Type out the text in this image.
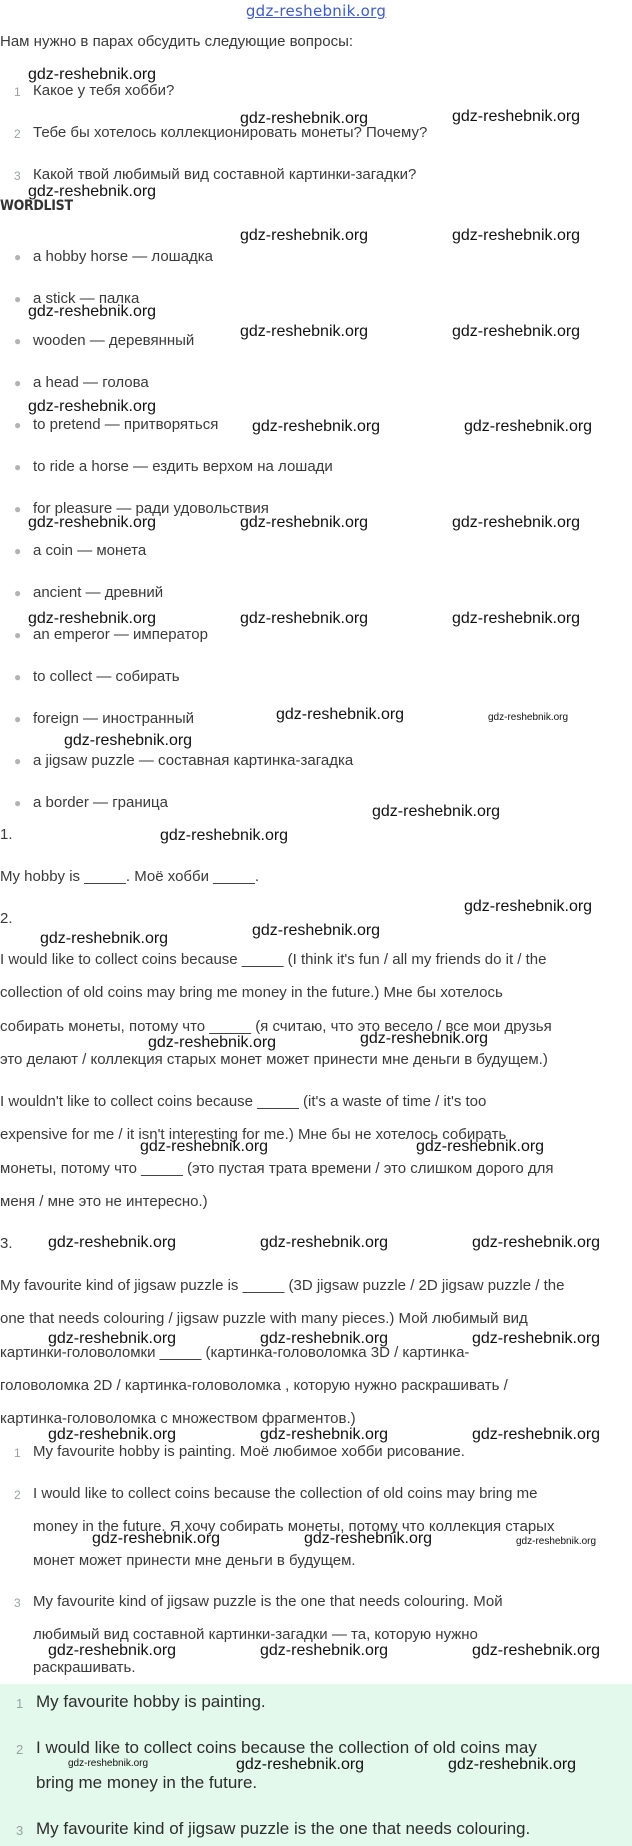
gdz-reshebnik.org
Нам нужно в парах обсудить следующие вопросы:
1 Какое у тебя хобби?
2 Тебе бы хотелось коллекционировать монеты? Почему?
3 Какой твой любимый вид составной картинки-загадки?
WORDLIST
● a hobby horse — лошадка
● a stick — палка
● wooden — деревянный
● a head — голова
● to pretend — притворяться
● to ride a horse — ездить верхом на лошади
● for pleasure — ради удовольствия
● a coin — монета
● ancient — древний
● an emperor — император
● to collect — собирать
● foreign — иностранный
● a jigsaw puzzle — составная картинка-загадка
● a border — граница
1.
My hobby is _____. Моё хобби _____.
2.
I would like to collect coins because _____ (I think it's fun / all my friends do it / the
collection of old coins may bring me money in the future.) Мне бы хотелось
собирать монеты, потому что _____ (я считаю, что это весело / все мои друзья
это делают / коллекция старых монет может принести мне деньги в будущем.)
I wouldn't like to collect coins because _____ (it's a waste of time / it's too
expensive for me / it isn't interesting for me.) Мне бы не хотелось собирать
монеты, потому что _____ (это пустая трата времени / это слишком дорого для
меня / мне это не интересно.)
3.
My favourite kind of jigsaw puzzle is _____ (3D jigsaw puzzle / 2D jigsaw puzzle / the
one that needs colouring / jigsaw puzzle with many pieces.) Мой любимый вид
картинки-головоломки _____ (картинка-головоломка 3D / картинка-
головоломка 2D / картинка-головоломка , которую нужно раскрашивать /
картинка-головоломка с множеством фрагментов.)
1 My favourite hobby is painting. Моё любимое хобби рисование.
2 I would like to collect coins because the collection of old coins may bring me
money in the future. Я хочу собирать монеты, потому что коллекция старых
монет может принести мне деньги в будущем.
3 My favourite kind of jigsaw puzzle is the one that needs colouring. Мой
любимый вид составной картинки-загадки — та, которую нужно
раскрашивать.
1 My favourite hobby is painting.
2 I would like to collect coins because the collection of old coins may
bring me money in the future.
3 My favourite kind of jigsaw puzzle is the one that needs colouring.
gdz-reshebnik.org
gdz-reshebnik.org	gdz-reshebnik.org
gdz-reshebnik.org
gdz-reshebnik.org	gdz-reshebnik.org
gdz-reshebnik.org
gdz-reshebnik.org	gdz-reshebnik.org
gdz-reshebnik.org
gdz-reshebnik.org	gdz-reshebnik.org
gdz-reshebnik.org	gdz-reshebnik.org	gdz-reshebnik.org
gdz-reshebnik.org	gdz-reshebnik.org	gdz-reshebnik.org
gdz-reshebnik.org	gdz-reshebnik.org
gdz-reshebnik.org
gdz-reshebnik.org
gdz-reshebnik.org
gdz-reshebnik.org
gdz-reshebnik.org
gdz-reshebnik.org
gdz-reshebnik.org	gdz-reshebnik.org
gdz-reshebnik.org	gdz-reshebnik.org
gdz-reshebnik.org	gdz-reshebnik.org	gdz-reshebnik.org
gdz-reshebnik.org	gdz-reshebnik.org	gdz-reshebnik.org
gdz-reshebnik.org	gdz-reshebnik.org	gdz-reshebnik.org
gdz-reshebnik.org	gdz-reshebnik.org	gdz-reshebnik.org
gdz-reshebnik.org	gdz-reshebnik.org	gdz-reshebnik.org
gdz-reshebnik.org	gdz-reshebnik.org	gdz-reshebnik.org
